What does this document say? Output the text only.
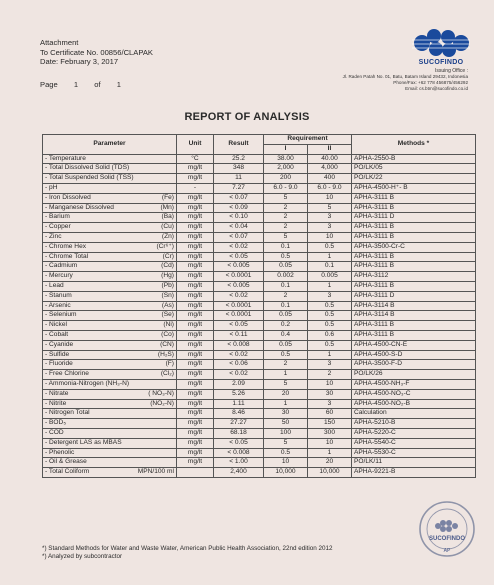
Attachment
To Certificate No. 00856/CLAPAK
Date: February 3, 2017
Page 1 of 1
SUCOFINDO
Issuing Office :
Jl. Raden Patah No. 01, Batu, Batam Island 29432, Indonesia
Phone/Fax: +62 778 456875/456292
Email: cs.btm@sucofindo.co.id
REPORT OF ANALYSIS
Parameter	Unit	Result	Requirement		Methods *
			I	II	

- Temperature	°C	25.2	38.00	40.00	APHA-2550-B

- Total Dissolved Solid (TDS)	mg/lt	348	2,000	4,000	PO/LK/05

- Total Suspended Solid (TSS)	mg/lt	11	200	400	PO/LK/22

- pH	-	7.27	6.0 - 9.0	6.0 - 9.0	APHA-4500-H⁺- B

- Iron Dissolved (Fe)	mg/lt	< 0.07	5	10	APHA-3111 B

- Manganese Dissolved (Mn)	mg/lt	< 0.09	2	5	APHA-3111 B

- Barium (Ba)	mg/lt	< 0.10	2	3	APHA-3111 D

- Copper (Cu)	mg/lt	< 0.04	2	3	APHA-3111 B

- Zinc (Zn)	mg/lt	< 0.07	5	10	APHA-3111 B

- Chrome Hex (Cr⁶⁺)	mg/lt	< 0.02	0.1	0.5	APHA-3500-Cr-C

- Chrome Total (Cr)	mg/lt	< 0.05	0.5	1	APHA-3111 B

- Cadmium (Cd)	mg/lt	< 0.005	0.05	0.1	APHA-3111 B

- Mercury (Hg)	mg/lt	< 0.0001	0.002	0.005	APHA-3112

- Lead (Pb)	mg/lt	< 0.005	0.1	1	APHA-3111 B

- Stanum (Sn)	mg/lt	< 0.02	2	3	APHA-3111 D

- Arsenic (As)	mg/lt	< 0.0001	0.1	0.5	APHA-3114 B

- Selenium (Se)	mg/lt	< 0.0001	0.05	0.5	APHA-3114 B

- Nickel (Ni)	mg/lt	< 0.05	0.2	0.5	APHA-3111 B

- Cobalt (Co)	mg/lt	< 0.11	0.4	0.6	APHA-3111 B

- Cyanide (CN)	mg/lt	< 0.008	0.05	0.5	APHA-4500-CN-E

- Sulfide (H₂S)	mg/lt	< 0.02	0.5	1	APHA-4500-S-D

- Fluoride (F)	mg/lt	< 0.06	2	3	APHA-3500-F-D

- Free Chlorine (Cl₂)	mg/lt	< 0.02	1	2	PO/LK/26

- Ammonia-Nitrogen (NH₃-N)	mg/lt	2.09	5	10	APHA-4500-NH₃-F

- Nitrate ( NO₃-N)	mg/lt	5.26	20	30	APHA-4500-NO₃-C

- Nitrite (NO₂-N)	mg/lt	1.11	1	3	APHA-4500-NO₂-B

- Nitrogen Total	mg/lt	8.46	30	60	Calculation

- BOD₅	mg/lt	27.27	50	150	APHA-5210-B

- COD	mg/lt	68.18	100	300	APHA-5220-C

- Detergent LAS as MBAS	mg/lt	< 0.05	5	10	APHA-5540-C

- Phenolic	mg/lt	< 0.008	0.5	1	APHA-5530-C

- Oil & Grease	mg/lt	< 1.00	10	20	PO/LK/11

- Total Coliform MPN/100 ml		2,400	10,000	10,000	APHA-9221-B
*) Standard Methods for Water and Waste Water, American Public Health Association, 22nd edition 2012
*) Analyzed by subcontractor
SUCOFINDO
AP
